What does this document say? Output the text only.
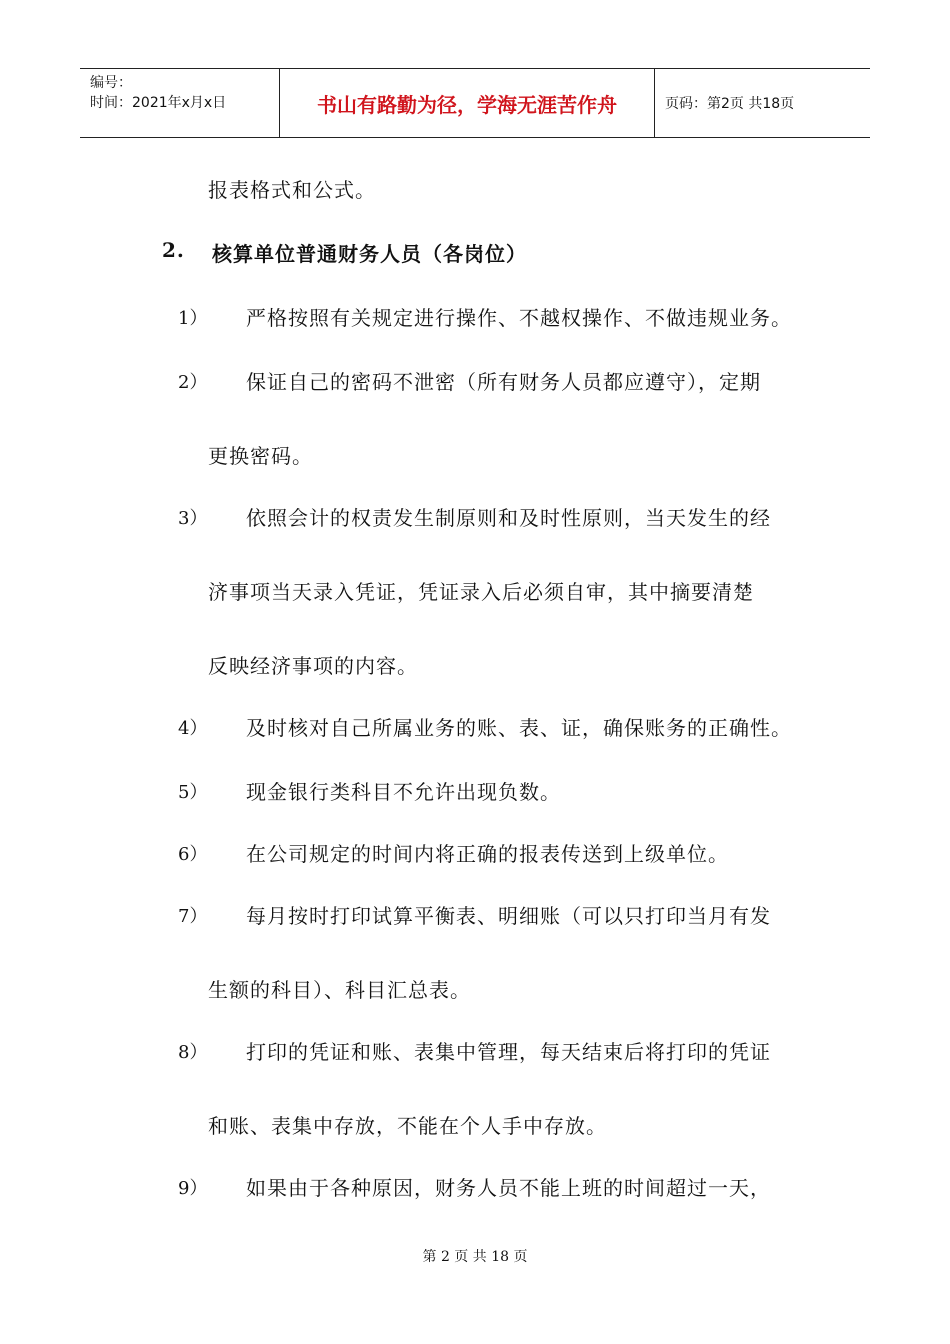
编号：
时间：2021年x月x日	书山有路勤为径，学海无涯苦作舟	页码：第2页 共18页
报表格式和公式。
2. 核算单位普通财务人员（各岗位）
1） 严格按照有关规定进行操作、不越权操作、不做违规业务。
2） 保证自己的密码不泄密（所有财务人员都应遵守），定期
更换密码。
3） 依照会计的权责发生制原则和及时性原则，当天发生的经
济事项当天录入凭证，凭证录入后必须自审，其中摘要清楚
反映经济事项的内容。
4） 及时核对自己所属业务的账、表、证，确保账务的正确性。
5） 现金银行类科目不允许出现负数。
6） 在公司规定的时间内将正确的报表传送到上级单位。
7） 每月按时打印试算平衡表、明细账（可以只打印当月有发
生额的科目）、科目汇总表。
8） 打印的凭证和账、表集中管理，每天结束后将打印的凭证
和账、表集中存放，不能在个人手中存放。
9） 如果由于各种原因，财务人员不能上班的时间超过一天，
第 2 页 共 18 页
